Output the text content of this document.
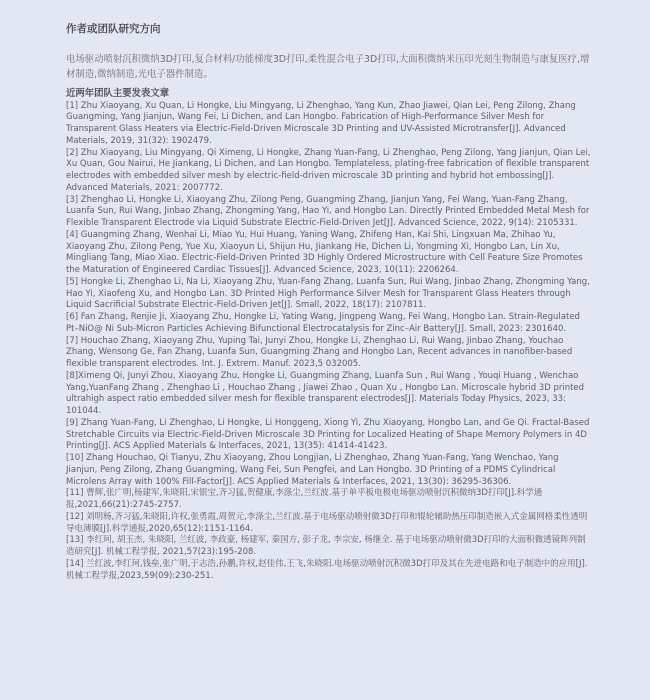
作者或团队研究方向
电场驱动喷射沉积微纳3D打印,复合材料/功能梯度3D打印,柔性混合电子3D打印,大面积微纳米压印光刻生物制造与康复医疗,增材制造,微纳制造,光电子器件制造。
近两年团队主要发表文章
[1] Zhu Xiaoyang, Xu Quan, Li Hongke, Liu Mingyang, Li Zhenghao, Yang Kun, Zhao Jiawei, Qian Lei, Peng Zilong, Zhang Guangming, Yang Jianjun, Wang Fei, Li Dichen, and Lan Hongbo. Fabrication of High-Performance Silver Mesh for Transparent Glass Heaters via Electric-Field-Driven Microscale 3D Printing and UV-Assisted Microtransfer[J]. Advanced Materials, 2019, 31(32): 1902479.
[2] Zhu Xiaoyang, Liu Mingyang, Qi Ximeng, Li Hongke, Zhang Yuan-Fang, Li Zhenghao, Peng Zilong, Yang Jianjun, Qian Lei, Xu Quan, Gou Nairui, He Jiankang, Li Dichen, and Lan Hongbo. Templateless, plating-free fabrication of flexible transparent electrodes with embedded silver mesh by electric-field-driven microscale 3D printing and hybrid hot embossing[J]. Advanced Materials, 2021: 2007772.
[3] Zhenghao Li, Hongke Li, Xiaoyang Zhu, Zilong Peng, Guangming Zhang, Jianjun Yang, Fei Wang, Yuan-Fang Zhang, Luanfa Sun, Rui Wang, Jinbao Zhang, Zhongming Yang, Hao Yi, and Hongbo Lan. Directly Printed Embedded Metal Mesh for Flexible Transparent Electrode via Liquid Substrate Electric-Field-Driven Jet[J]. Advanced Science, 2022, 9(14): 2105331.
[4] Guangming Zhang, Wenhai Li, Miao Yu, Hui Huang, Yaning Wang, Zhifeng Han, Kai Shi, Lingxuan Ma, Zhihao Yu, Xiaoyang Zhu, Zilong Peng, Yue Xu, Xiaoyun Li, Shijun Hu, Jiankang He, Dichen Li, Yongming Xi, Hongbo Lan, Lin Xu, Mingliang Tang, Miao Xiao. Electric-Field-Driven Printed 3D Highly Ordered Microstructure with Cell Feature Size Promotes the Maturation of Engineered Cardiac Tissues[J]. Advanced Science, 2023, 10(11): 2206264.
[5] Hongke Li, Zhenghao Li, Na Li, Xiaoyang Zhu, Yuan-Fang Zhang, Luanfa Sun, Rui Wang, Jinbao Zhang, Zhongming Yang, Hao Yi, Xiaofeng Xu, and Hongbo Lan. 3D Printed High Performance Silver Mesh for Transparent Glass Heaters through Liquid Sacrificial Substrate Electric-Field-Driven Jet[J]. Small, 2022, 18(17): 2107811.
[6] Fan Zhang, Renjie Ji, Xiaoyang Zhu, Hongke Li, Yating Wang, Jingpeng Wang, Fei Wang, Hongbo Lan. Strain-Regulated Pt–NiO@ Ni Sub-Micron Particles Achieving Bifunctional Electrocatalysis for Zinc–Air Battery[J]. Small, 2023: 2301640.
[7] Houchao Zhang, Xiaoyang Zhu, Yuping Tai, Junyi Zhou, Hongke Li, Zhenghao Li, Rui Wang, Jinbao Zhang, Youchao Zhang, Wensong Ge, Fan Zhang, Luanfa Sun, Guangming Zhang and Hongbo Lan, Recent advances in nanofiber-based flexible transparent electrodes. Int. J. Extrem. Manuf. 2023,5 032005.
[8]Ximeng Qi, Junyi Zhou, Xiaoyang Zhu, Hongke Li, Guangming Zhang, Luanfa Sun , Rui Wang , Youqi Huang , Wenchao Yang,YuanFang Zhang , Zhenghao Li , Houchao Zhang , Jiawei Zhao , Quan Xu , Hongbo Lan. Microscale hybrid 3D printed ultrahigh aspect ratio embedded silver mesh for flexible transparent electrodes[J]. Materials Today Physics, 2023, 33: 101044.
[9] Zhang Yuan-Fang, Li Zhenghao, Li Hongke, Li Honggeng, Xiong Yi, Zhu Xiaoyang, Hongbo Lan, and Ge Qi. Fractal-Based Stretchable Circuits via Electric-Field-Driven Microscale 3D Printing for Localized Heating of Shape Memory Polymers in 4D Printing[J]. ACS Applied Materials & Interfaces, 2021, 13(35): 41414-41423.
[10] Zhang Houchao, Qi Tianyu, Zhu Xiaoyang, Zhou Longjian, Li Zhenghao, Zhang Yuan-Fang, Yang Wenchao, Yang Jianjun, Peng Zilong, Zhang Guangming, Wang Fei, Sun Pengfei, and Lan Hongbo. 3D Printing of a PDMS Cylindrical Microlens Array with 100% Fill-Factor[J]. ACS Applied Materials & Interfaces, 2021, 13(30): 36295-36306.
[11] 曹辉,张广明,杨建军,朱晓阳,宋银宝,齐习猛,贺健康,李涤尘,兰红波.基于单平板电极电场驱动喷射沉积微纳3D打印[J].科学通报,2021,66(21):2745-2757.
[12] 刘明杨,齐习猛,朱晓阳,许权,张勇霞,周贺元,李涤尘,兰红波.基于电场驱动喷射微3D打印和辊轮辅助热压印制造嵌入式金属网格柔性透明导电薄膜[J].科学通报,2020,65(12):1151-1164.
[13] 李红珂, 胡玉杰, 朱晓阳, 兰红波, 李政豪, 杨建军, 秦国方, 彭子龙, 李宗安, 杨继全. 基于电场驱动喷射微3D打印的大面积微透镜阵列制造研究[J]. 机械工程学报, 2021,57(23):195-208.
[14] 兰红波,李红珂,钱垒,张广明,于志浩,孙鹏,许权,赵佳伟,王飞,朱晓阳.电场驱动喷射沉积微3D打印及其在先进电路和电子制造中的应用[J].机械工程学报,2023,59(09):230-251.
